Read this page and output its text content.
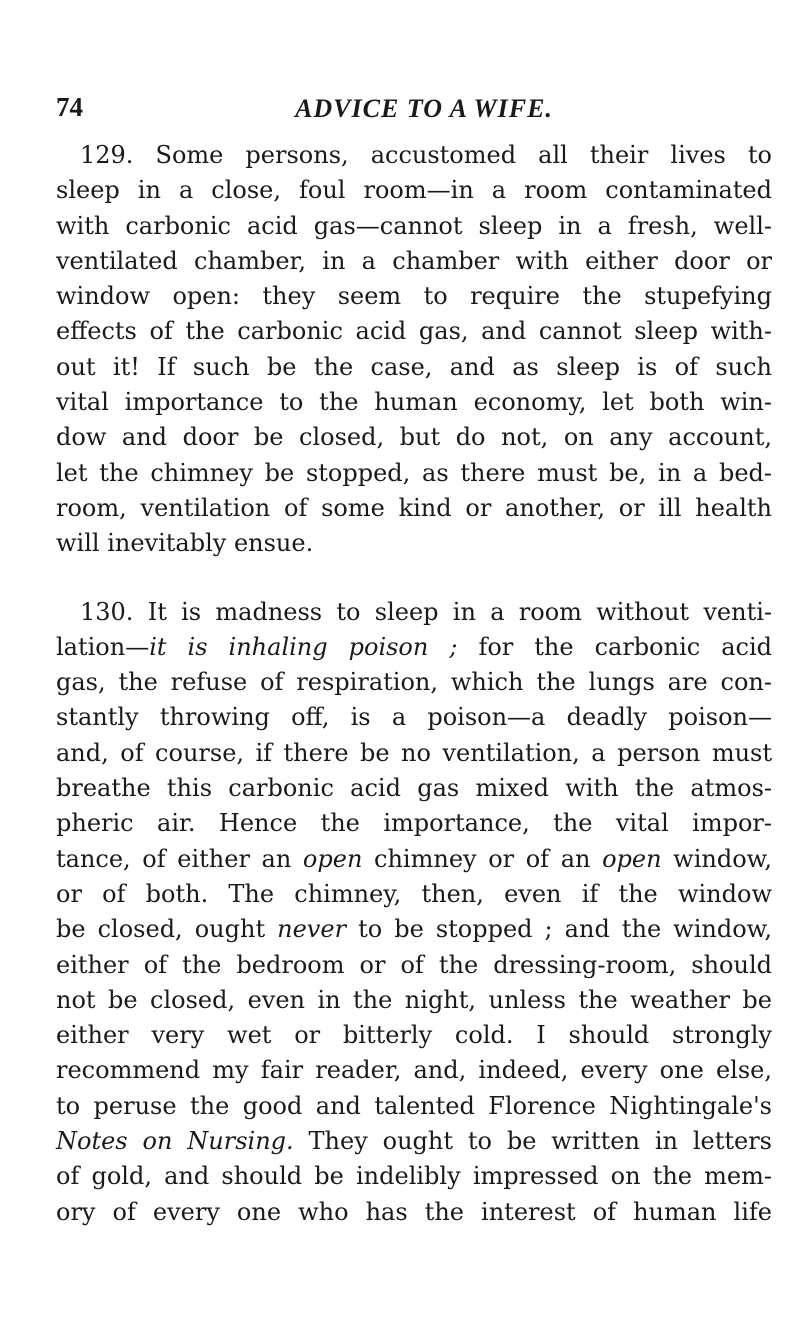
74	ADVICE TO A WIFE.
129. Some persons, accustomed all their lives to
sleep in a close, foul room—in a room contaminated
with carbonic acid gas—cannot sleep in a fresh, well-
ventilated chamber, in a chamber with either door or
window open: they seem to require the stupefying
effects of the carbonic acid gas, and cannot sleep with-
out it! If such be the case, and as sleep is of such
vital importance to the human economy, let both win-
dow and door be closed, but do not, on any account,
let the chimney be stopped, as there must be, in a bed-
room, ventilation of some kind or another, or ill health
will inevitably ensue.
130. It is madness to sleep in a room without venti-
lation—it is inhaling poison ; for the carbonic acid
gas, the refuse of respiration, which the lungs are con-
stantly throwing off, is a poison—a deadly poison—
and, of course, if there be no ventilation, a person must
breathe this carbonic acid gas mixed with the atmos-
pheric air. Hence the importance, the vital impor-
tance, of either an open chimney or of an open window,
or of both. The chimney, then, even if the window
be closed, ought never to be stopped ; and the window,
either of the bedroom or of the dressing-room, should
not be closed, even in the night, unless the weather be
either very wet or bitterly cold. I should strongly
recommend my fair reader, and, indeed, every one else,
to peruse the good and talented Florence Nightingale's
Notes on Nursing. They ought to be written in letters
of gold, and should be indelibly impressed on the mem-
ory of every one who has the interest of human life
